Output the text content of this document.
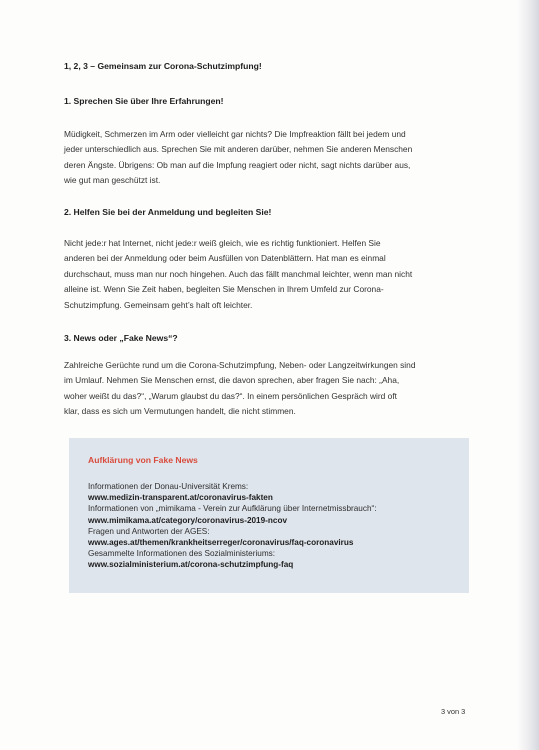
1, 2, 3 – Gemeinsam zur Corona-Schutzimpfung!
1. Sprechen Sie über Ihre Erfahrungen!
Müdigkeit, Schmerzen im Arm oder vielleicht gar nichts? Die Impfreaktion fällt bei jedem und
jeder unterschiedlich aus. Sprechen Sie mit anderen darüber, nehmen Sie anderen Menschen
deren Ängste. Übrigens: Ob man auf die Impfung reagiert oder nicht, sagt nichts darüber aus,
wie gut man geschützt ist.
2. Helfen Sie bei der Anmeldung und begleiten Sie!
Nicht jede:r hat Internet, nicht jede:r weiß gleich, wie es richtig funktioniert. Helfen Sie
anderen bei der Anmeldung oder beim Ausfüllen von Datenblättern. Hat man es einmal
durchschaut, muss man nur noch hingehen. Auch das fällt manchmal leichter, wenn man nicht
alleine ist. Wenn Sie Zeit haben, begleiten Sie Menschen in Ihrem Umfeld zur Corona-
Schutzimpfung. Gemeinsam geht’s halt oft leichter.
3. News oder „Fake News“?
Zahlreiche Gerüchte rund um die Corona-Schutzimpfung, Neben- oder Langzeitwirkungen sind
im Umlauf. Nehmen Sie Menschen ernst, die davon sprechen, aber fragen Sie nach: „Aha,
woher weißt du das?“, „Warum glaubst du das?“. In einem persönlichen Gespräch wird oft
klar, dass es sich um Vermutungen handelt, die nicht stimmen.
Aufklärung von Fake News
Informationen der Donau-Universität Krems:
www.medizin-transparent.at/coronavirus-fakten
Informationen von „mimikama - Verein zur Aufklärung über Internetmissbrauch“:
www.mimikama.at/category/coronavirus-2019-ncov
Fragen und Antworten der AGES:
www.ages.at/themen/krankheitserreger/coronavirus/faq-coronavirus
Gesammelte Informationen des Sozialministeriums:
www.sozialministerium.at/corona-schutzimpfung-faq
3 von 3
